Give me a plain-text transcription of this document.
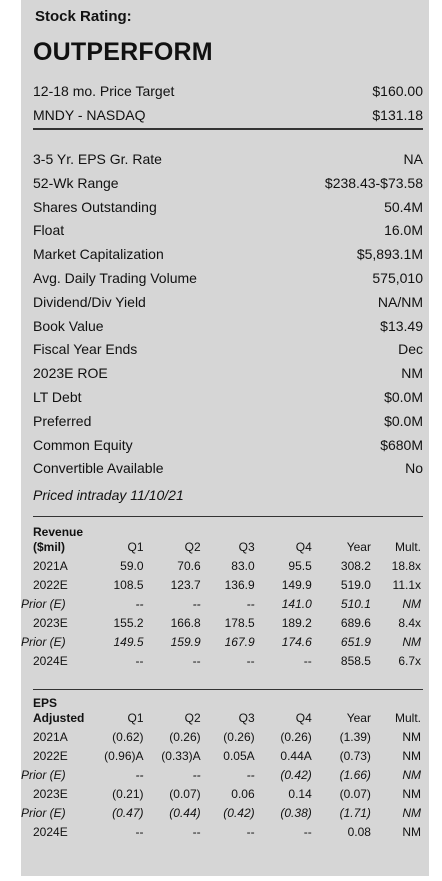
Stock Rating:
OUTPERFORM
12-18 mo. Price Target	$160.00
MNDY - NASDAQ	$131.18
3-5 Yr. EPS Gr. Rate	NA
52-Wk Range	$238.43-$73.58
Shares Outstanding	50.4M
Float	16.0M
Market Capitalization	$5,893.1M
Avg. Daily Trading Volume	575,010
Dividend/Div Yield	NA/NM
Book Value	$13.49
Fiscal Year Ends	Dec
2023E ROE	NM
LT Debt	$0.0M
Preferred	$0.0M
Common Equity	$680M
Convertible Available	No
Priced intraday 11/10/21
Revenue
($mil)	Q1	Q2	Q3	Q4	Year	Mult.
2021A	59.0	70.6	83.0	95.5	308.2	18.8x
2022E	108.5	123.7	136.9	149.9	519.0	11.1x
Prior (E)	--	--	--	141.0	510.1	NM
2023E	155.2	166.8	178.5	189.2	689.6	8.4x
Prior (E)	149.5	159.9	167.9	174.6	651.9	NM
2024E	--	--	--	--	858.5	6.7x
EPS
Adjusted	Q1	Q2	Q3	Q4	Year	Mult.
2021A	(0.62)	(0.26)	(0.26)	(0.26)	(1.39)	NM
2022E	(0.96)A	(0.33)A	0.05A	0.44A	(0.73)	NM
Prior (E)	--	--	--	(0.42)	(1.66)	NM
2023E	(0.21)	(0.07)	0.06	0.14	(0.07)	NM
Prior (E)	(0.47)	(0.44)	(0.42)	(0.38)	(1.71)	NM
2024E	--	--	--	--	0.08	NM
